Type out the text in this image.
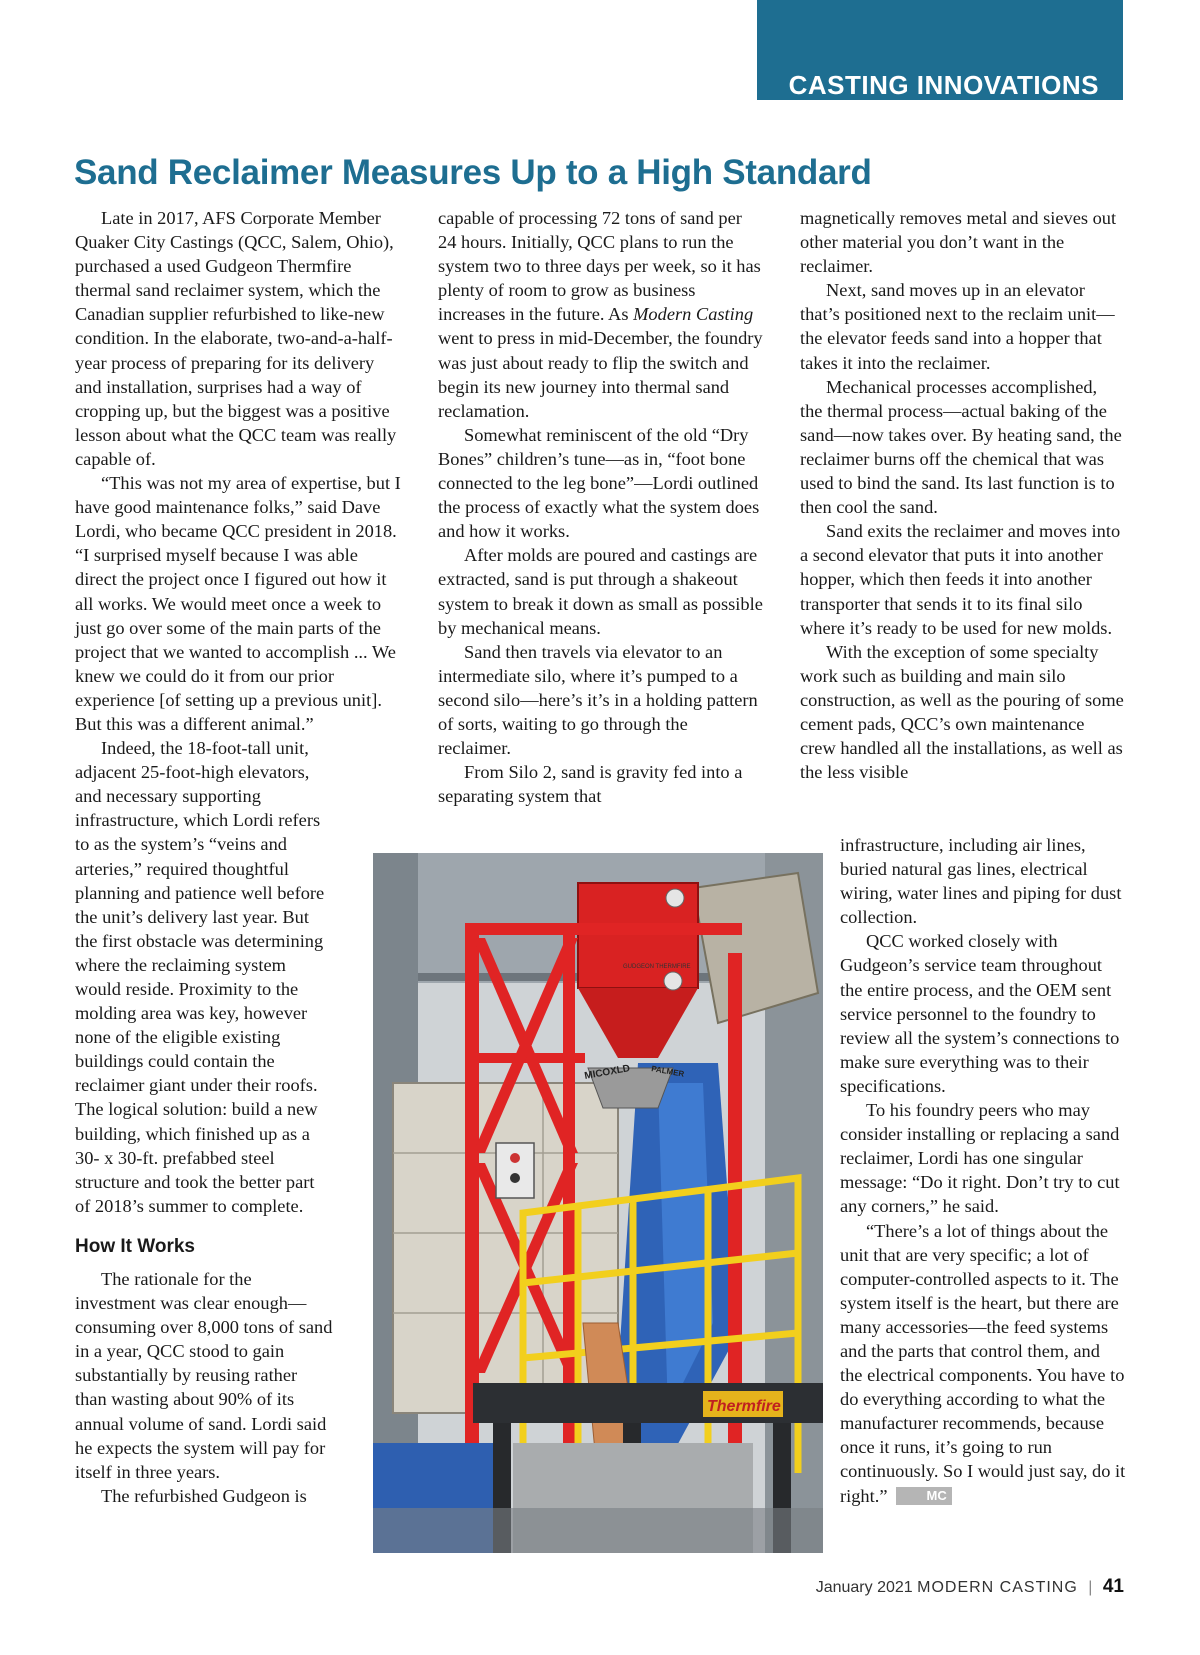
CASTING INNOVATIONS
Sand Reclaimer Measures Up to a High Standard

Late in 2017, AFS Corporate Member Quaker City Castings (QCC, Salem, Ohio), purchased a used Gudgeon Thermfire thermal sand reclaimer system, which the Canadian supplier refurbished to like-new condition. In the elaborate, two-and-a-half-year process of preparing for its delivery and installation, surprises had a way of cropping up, but the biggest was a positive lesson about what the QCC team was really capable of.

“This was not my area of expertise, but I have good maintenance folks,” said Dave Lordi, who became QCC president in 2018. “I surprised myself because I was able direct the project once I figured out how it all works. We would meet once a week to just go over some of the main parts of the project that we wanted to accomplish ... We knew we could do it from our prior experience [of setting up a previous unit]. But this was a different animal.”

Indeed, the 18-foot-tall unit, adjacent 25-foot-high elevators, and necessary supporting infrastructure, which Lordi refers to as the system’s “veins and arteries,” required thoughtful planning and patience well before the unit’s delivery last year. But the first obstacle was determining where the reclaiming system would reside. Proximity to the molding area was key, however none of the eligible existing buildings could contain the reclaimer giant under their roofs. The logical solution: build a new building, which finished up as a 30- x 30-ft. prefabbed steel structure and took the better part of 2018’s summer to complete.

How It Works

The rationale for the investment was clear enough—consuming over 8,000 tons of sand in a year, QCC stood to gain substantially by reusing rather than wasting about 90% of its annual volume of sand. Lordi said he expects the system will pay for itself in three years.

The refurbished Gudgeon is

capable of processing 72 tons of sand per 24 hours. Initially, QCC plans to run the system two to three days per week, so it has plenty of room to grow as business increases in the future. As Modern Casting went to press in mid-December, the foundry was just about ready to flip the switch and begin its new journey into thermal sand reclamation.

Somewhat reminiscent of the old “Dry Bones” children’s tune—as in, “foot bone connected to the leg bone”—Lordi outlined the process of exactly what the system does and how it works.

After molds are poured and castings are extracted, sand is put through a shakeout system to break it down as small as possible by mechanical means.

Sand then travels via elevator to an intermediate silo, where it’s pumped to a second silo—here’s it’s in a holding pattern of sorts, waiting to go through the reclaimer.

From Silo 2, sand is gravity fed into a separating system that

magnetically removes metal and sieves out other material you don’t want in the reclaimer.

Next, sand moves up in an elevator that’s positioned next to the reclaim unit—the elevator feeds sand into a hopper that takes it into the reclaimer.

Mechanical processes accomplished, the thermal process—actual baking of the sand—now takes over. By heating sand, the reclaimer burns off the chemical that was used to bind the sand. Its last function is to then cool the sand.

Sand exits the reclaimer and moves into a second elevator that puts it into another hopper, which then feeds it into another transporter that sends it to its final silo where it’s ready to be used for new molds.

With the exception of some specialty work such as building and main silo construction, as well as the pouring of some cement pads, QCC’s own maintenance crew handled all the installations, as well as the less visible

infrastructure, including air lines, buried natural gas lines, electrical wiring, water lines and piping for dust collection.

QCC worked closely with Gudgeon’s service team throughout the entire process, and the OEM sent service personnel to the foundry to review all the system’s connections to make sure everything was to their specifications.

To his foundry peers who may consider installing or replacing a sand reclaimer, Lordi has one singular message: “Do it right. Don’t try to cut any corners,” he said.

“There’s a lot of things about the unit that are very specific; a lot of computer-controlled aspects to it. The system itself is the heart, but there are many accessories—the feed systems and the parts that control them, and the electrical components. You have to do everything according to what the manufacturer recommends, because once it runs, it’s going to run continuously. So I would just say, do it right.”	MC

GUDGEON THERMFIRE
MICOXLD PALMER
Thermfire
January 2021 MODERN CASTING | 41
